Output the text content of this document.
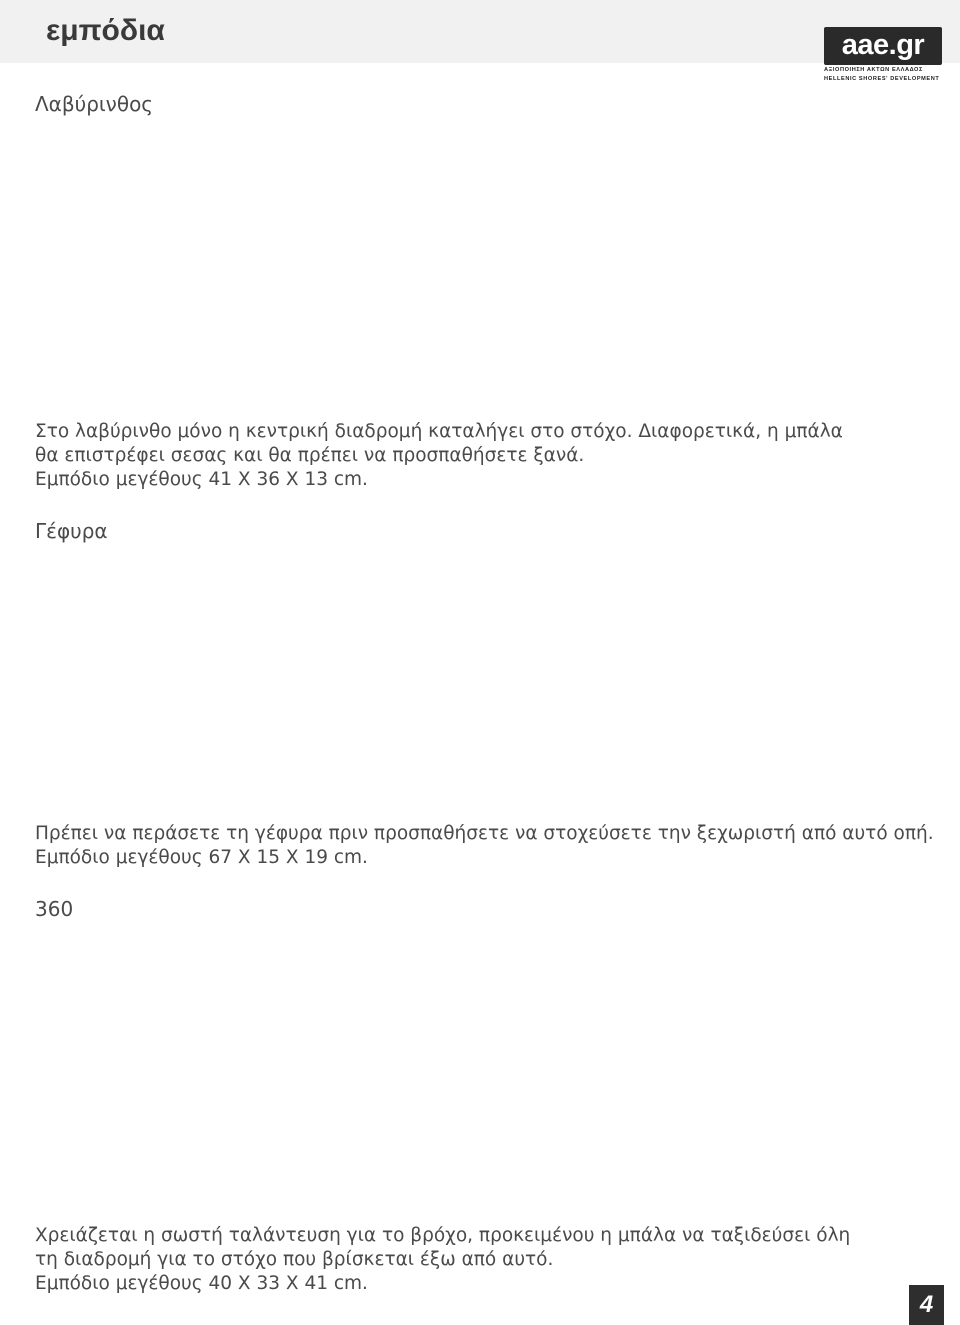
εμπόδια	aae.gr
ΑΞΙΟΠΟΙΗΣΗ ΑΚΤΩΝ ΕΛΛΑΔΟΣ
HELLENIC SHORES' DEVELOPMENT
Λαβύρινθος
Στο λαβύρινθο μόνο η κεντρική διαδρομή καταλήγει στο στόχο. Διαφορετικά, η μπάλα
θα επιστρέφει σεσας και θα πρέπει να προσπαθήσετε ξανά.
Εμπόδιο μεγέθους 41 Χ 36 Χ 13 cm.
Γέφυρα
Πρέπει να περάσετε τη γέφυρα πριν προσπαθήσετε να στοχεύσετε την ξεχωριστή από αυτό οπή.
Εμπόδιο μεγέθους 67 Χ 15 Χ 19 cm.
360
Χρειάζεται η σωστή ταλάντευση για το βρόχο, προκειμένου η μπάλα να ταξιδεύσει όλη
τη διαδρομή για το στόχο που βρίσκεται έξω από αυτό.
Εμπόδιο μεγέθους 40 Χ 33 Χ 41 cm.
4
